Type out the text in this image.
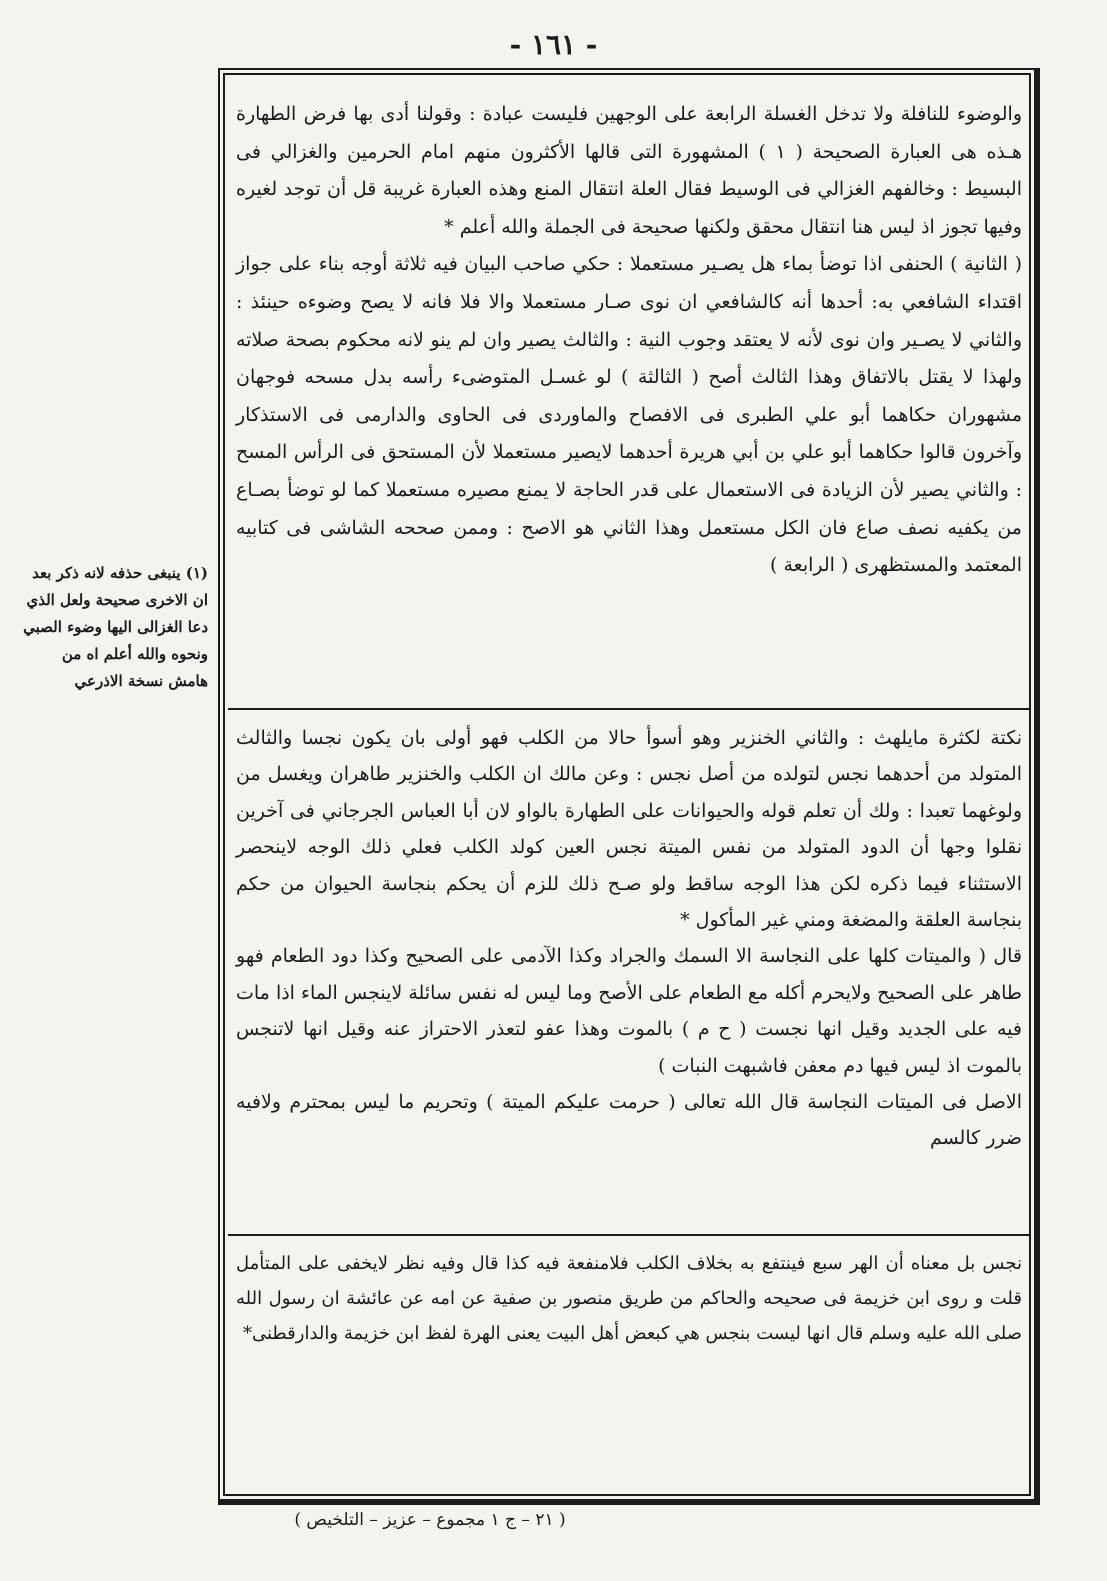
- ١٦١ -

والوضوء للنافلة ولا تدخل الغسلة الرابعة على الوجهين فليست عبادة : وقولنا أدى بها فرض الطهارة هـذه هى العبارة الصحيحة ( ١ ) المشهورة التى قالها الأكثرون منهم امام الحرمين والغزالي فى البسيط : وخالفهم الغزالي فى الوسيط فقال العلة انتقال المنع وهذه العبارة غريبة قل أن توجد لغيره وفيها تجوز اذ ليس هنا انتقال محقق ولكنها صحيحة فى الجملة والله أعلم *

( الثانية ) الحنفى اذا توضأ بماء هل يصـير مستعملا : حكي صاحب البيان فيه ثلاثة أوجه بناء على جواز اقتداء الشافعي به: أحدها أنه كالشافعي ان نوى صـار مستعملا والا فلا فانه لا يصح وضوءه حينئذ : والثاني لا يصـير وان نوى لأنه لا يعتقد وجوب النية : والثالث يصير وان لم ينو لانه محكوم بصحة صلاته ولهذا لا يقتل بالاتفاق وهذا الثالث أصح ( الثالثة ) لو غسـل المتوضىء رأسه بدل مسحه فوجهان مشهوران حكاهما أبو علي الطبرى فى الافصاح والماوردى فى الحاوى والدارمى فى الاستذكار وآخرون قالوا حكاهما أبو علي بن أبي هريرة أحدهما لايصير مستعملا لأن المستحق فى الرأس المسح : والثاني يصير لأن الزيادة فى الاستعمال على قدر الحاجة لا يمنع مصيره مستعملا كما لو توضأ بصـاع من يكفيه نصف صاع فان الكل مستعمل وهذا الثاني هو الاصح : وممن صححه الشاشى فى كتابيه المعتمد والمستظهرى ( الرابعة )

نكتة لكثرة مايلهث : والثاني الخنزير وهو أسوأ حالا من الكلب فهو أولى بان يكون نجسا والثالث المتولد من أحدهما نجس لتولده من أصل نجس : وعن مالك ان الكلب والخنزير طاهران ويغسل من ولوغهما تعبدا : ولك أن تعلم قوله والحيوانات على الطهارة بالواو لان أبا العباس الجرجاني فى آخرين نقلوا وجها أن الدود المتولد من نفس الميتة نجس العين كولد الكلب فعلي ذلك الوجه لاينحصر الاستثناء فيما ذكره لكن هذا الوجه ساقط ولو صـح ذلك للزم أن يحكم بنجاسة الحيوان من حكم بنجاسة العلقة والمضغة ومني غير المأكول *

قال ( والميتات كلها على النجاسة الا السمك والجراد وكذا الآدمى على الصحيح وكذا دود الطعام فهو طاهر على الصحيح ولايحرم أكله مع الطعام على الأصح وما ليس له نفس سائلة لاينجس الماء اذا مات فيه على الجديد وقيل انها نجست ( ح م ) بالموت وهذا عفو لتعذر الاحتراز عنه وقيل انها لاتنجس بالموت اذ ليس فيها دم معفن فاشبهت النبات )

الاصل فى الميتات النجاسة قال الله تعالى ( حرمت عليكم الميتة ) وتحريم ما ليس بمحترم ولافيه ضرر كالسم

نجس بل معناه أن الهر سبع فينتفع به بخلاف الكلب فلامنفعة فيه كذا قال وفيه نظر لايخفى على المتأمل قلت و روى ابن خزيمة فى صحيحه والحاكم من طريق منصور بن صفية عن امه عن عائشة ان رسول الله صلى الله عليه وسلم قال انها ليست بنجس هي كبعض أهل البيت يعنى الهرة لفظ ابن خزيمة والدارقطنى*

(١) ينبغى حذفه لانه ذكر بعد ان الاخرى صحيحة ولعل الذي دعا الغزالى اليها وضوء الصبي ونحوه والله أعلم اه من هامش نسخة الاذرعي
( ٢١ – ج ١ مجموع – عزيز – التلخيص )
